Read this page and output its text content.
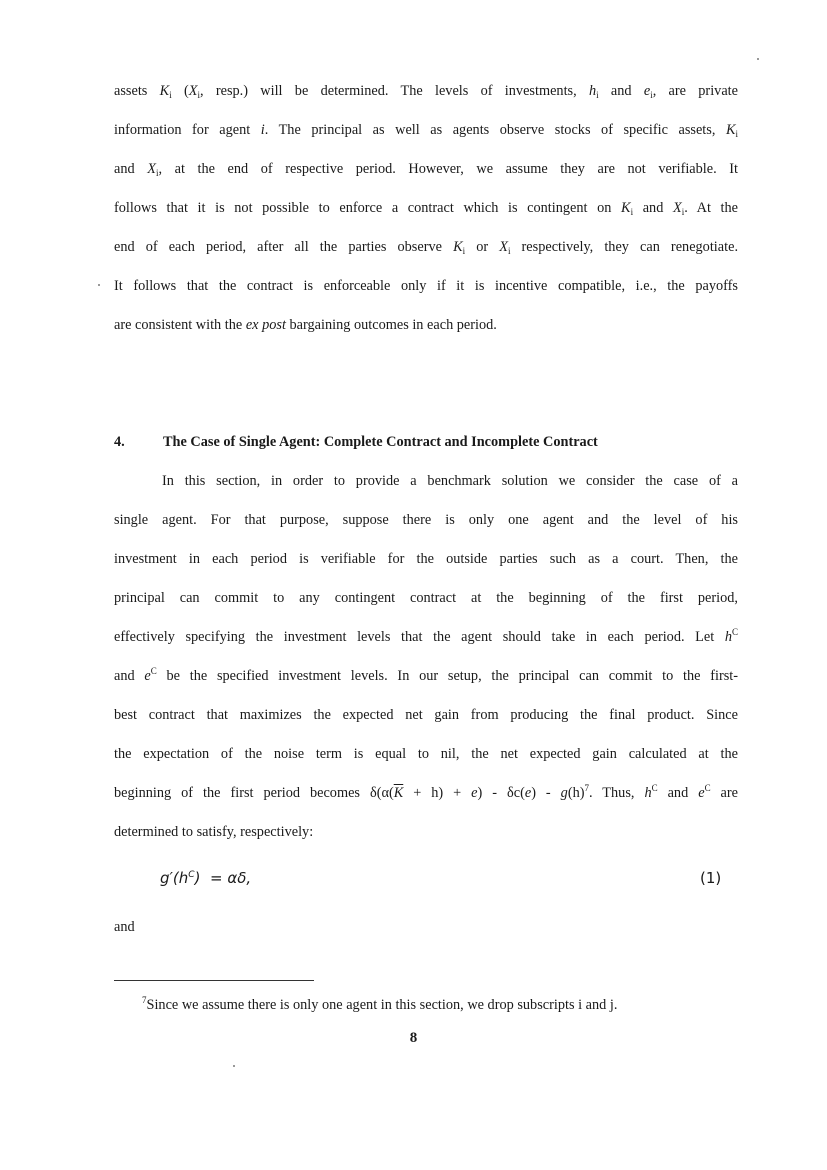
assets $K_i$ ($X_i$, resp.) will be determined. The levels of investments, $h_i$ and $e_i$, are private
information for agent i. The principal as well as agents observe stocks of specific assets, $K_i$
and $X_i$, at the end of respective period. However, we assume they are not verifiable. It
follows that it is not possible to enforce a contract which is contingent on $K_i$ and $X_i$. At the
end of each period, after all the parties observe $K_i$ or $X_i$ respectively, they can renegotiate.
It follows that the contract is enforceable only if it is incentive compatible, i.e., the payoffs
are consistent with the ex post bargaining outcomes in each period.
4.	The Case of Single Agent: Complete Contract and Incomplete Contract
In this section, in order to provide a benchmark solution we consider the case of a
single agent. For that purpose, suppose there is only one agent and the level of his
investment in each period is verifiable for the outside parties such as a court. Then, the
principal can commit to any contingent contract at the beginning of the first period,
effectively specifying the investment levels that the agent should take in each period. Let $h^C$
and $e^C$ be the specified investment levels. In our setup, the principal can commit to the first-
best contract that maximizes the expected net gain from producing the final product. Since
the expectation of the noise term is equal to nil, the net expected gain calculated at the
beginning of the first period becomes $\delta(\alpha(\overline{K} + h) + e) - \delta c(e) - g(h)^7$. Thus, $h^C$ and $e^C$ are
determined to satisfy, respectively:
$g'(h^C) = \alpha\delta$,	(1)
and
$^7$Since we assume there is only one agent in this section, we drop subscripts i and j.
8
